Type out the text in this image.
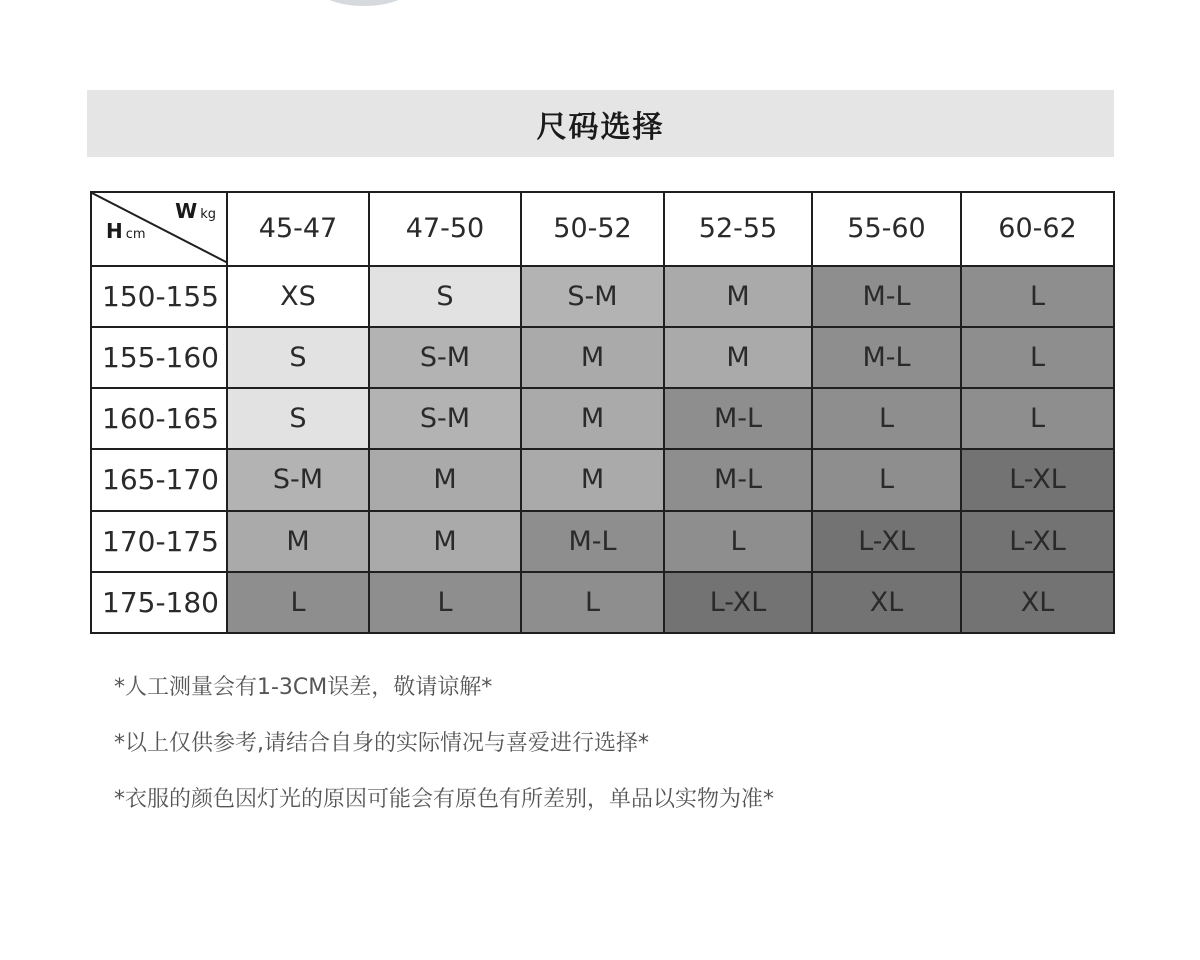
尺码选择
Wkg
Hcm	45-47	47-50	50-52	52-55	55-60	60-62
150-155	XS	S	S-M	M	M-L	L
155-160	S	S-M	M	M	M-L	L
160-165	S	S-M	M	M-L	L	L
165-170	S-M	M	M	M-L	L	L-XL
170-175	M	M	M-L	L	L-XL	L-XL
175-180	L	L	L	L-XL	XL	XL

*人工测量会有1-3CM误差，敬请谅解*

*以上仅供参考,请结合自身的实际情况与喜爱进行选择*

*衣服的颜色因灯光的原因可能会有原色有所差别，单品以实物为准*
